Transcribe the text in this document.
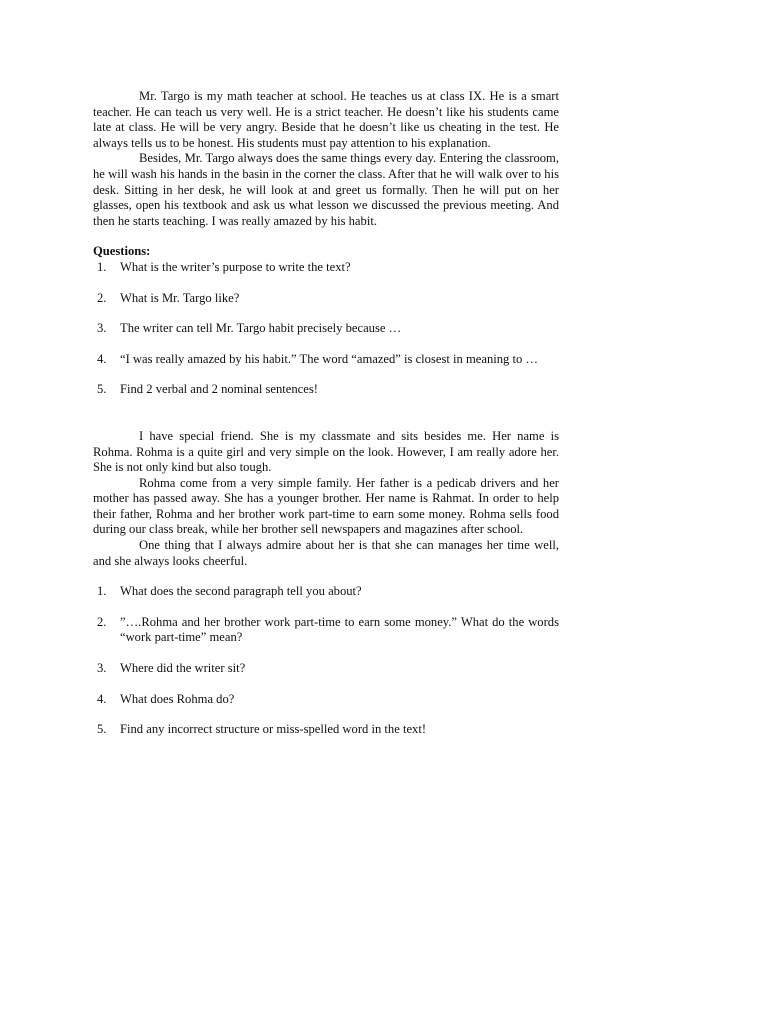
Mr. Targo is my math teacher at school. He teaches us at class IX. He is a smart teacher. He can teach us very well. He is a strict teacher. He doesn’t like his students came late at class. He will be very angry. Beside that he doesn’t like us cheating in the test. He always tells us to be honest. His students must pay attention to his explanation.

Besides, Mr. Targo always does the same things every day. Entering the classroom, he will wash his hands in the basin in the corner the class. After that he will walk over to his desk. Sitting in her desk, he will look at and greet us formally. Then he will put on her glasses, open his textbook and ask us what lesson we discussed the previous meeting. And then he starts teaching. I was really amazed by his habit.

Questions:

1. What is the writer’s purpose to write the text?
2. What is Mr. Targo like?
3. The writer can tell Mr. Targo habit precisely because …
4. “I was really amazed by his habit.” The word “amazed” is closest in meaning to …
5. Find 2 verbal and 2 nominal sentences!

I have special friend. She is my classmate and sits besides me. Her name is Rohma. Rohma is a quite girl and very simple on the look. However, I am really adore her. She is not only kind but also tough.

Rohma come from a very simple family. Her father is a pedicab drivers and her mother has passed away. She has a younger brother. Her name is Rahmat. In order to help their father, Rohma and her brother work part-time to earn some money. Rohma sells food during our class break, while her brother sell newspapers and magazines after school.

One thing that I always admire about her is that she can manages her time well, and she always looks cheerful.

1. What does the second paragraph tell you about?
2. ”….Rohma and her brother work part-time to earn some money.” What do the words “work part-time” mean?
3. Where did the writer sit?
4. What does Rohma do?
5. Find any incorrect structure or miss-spelled word in the text!
